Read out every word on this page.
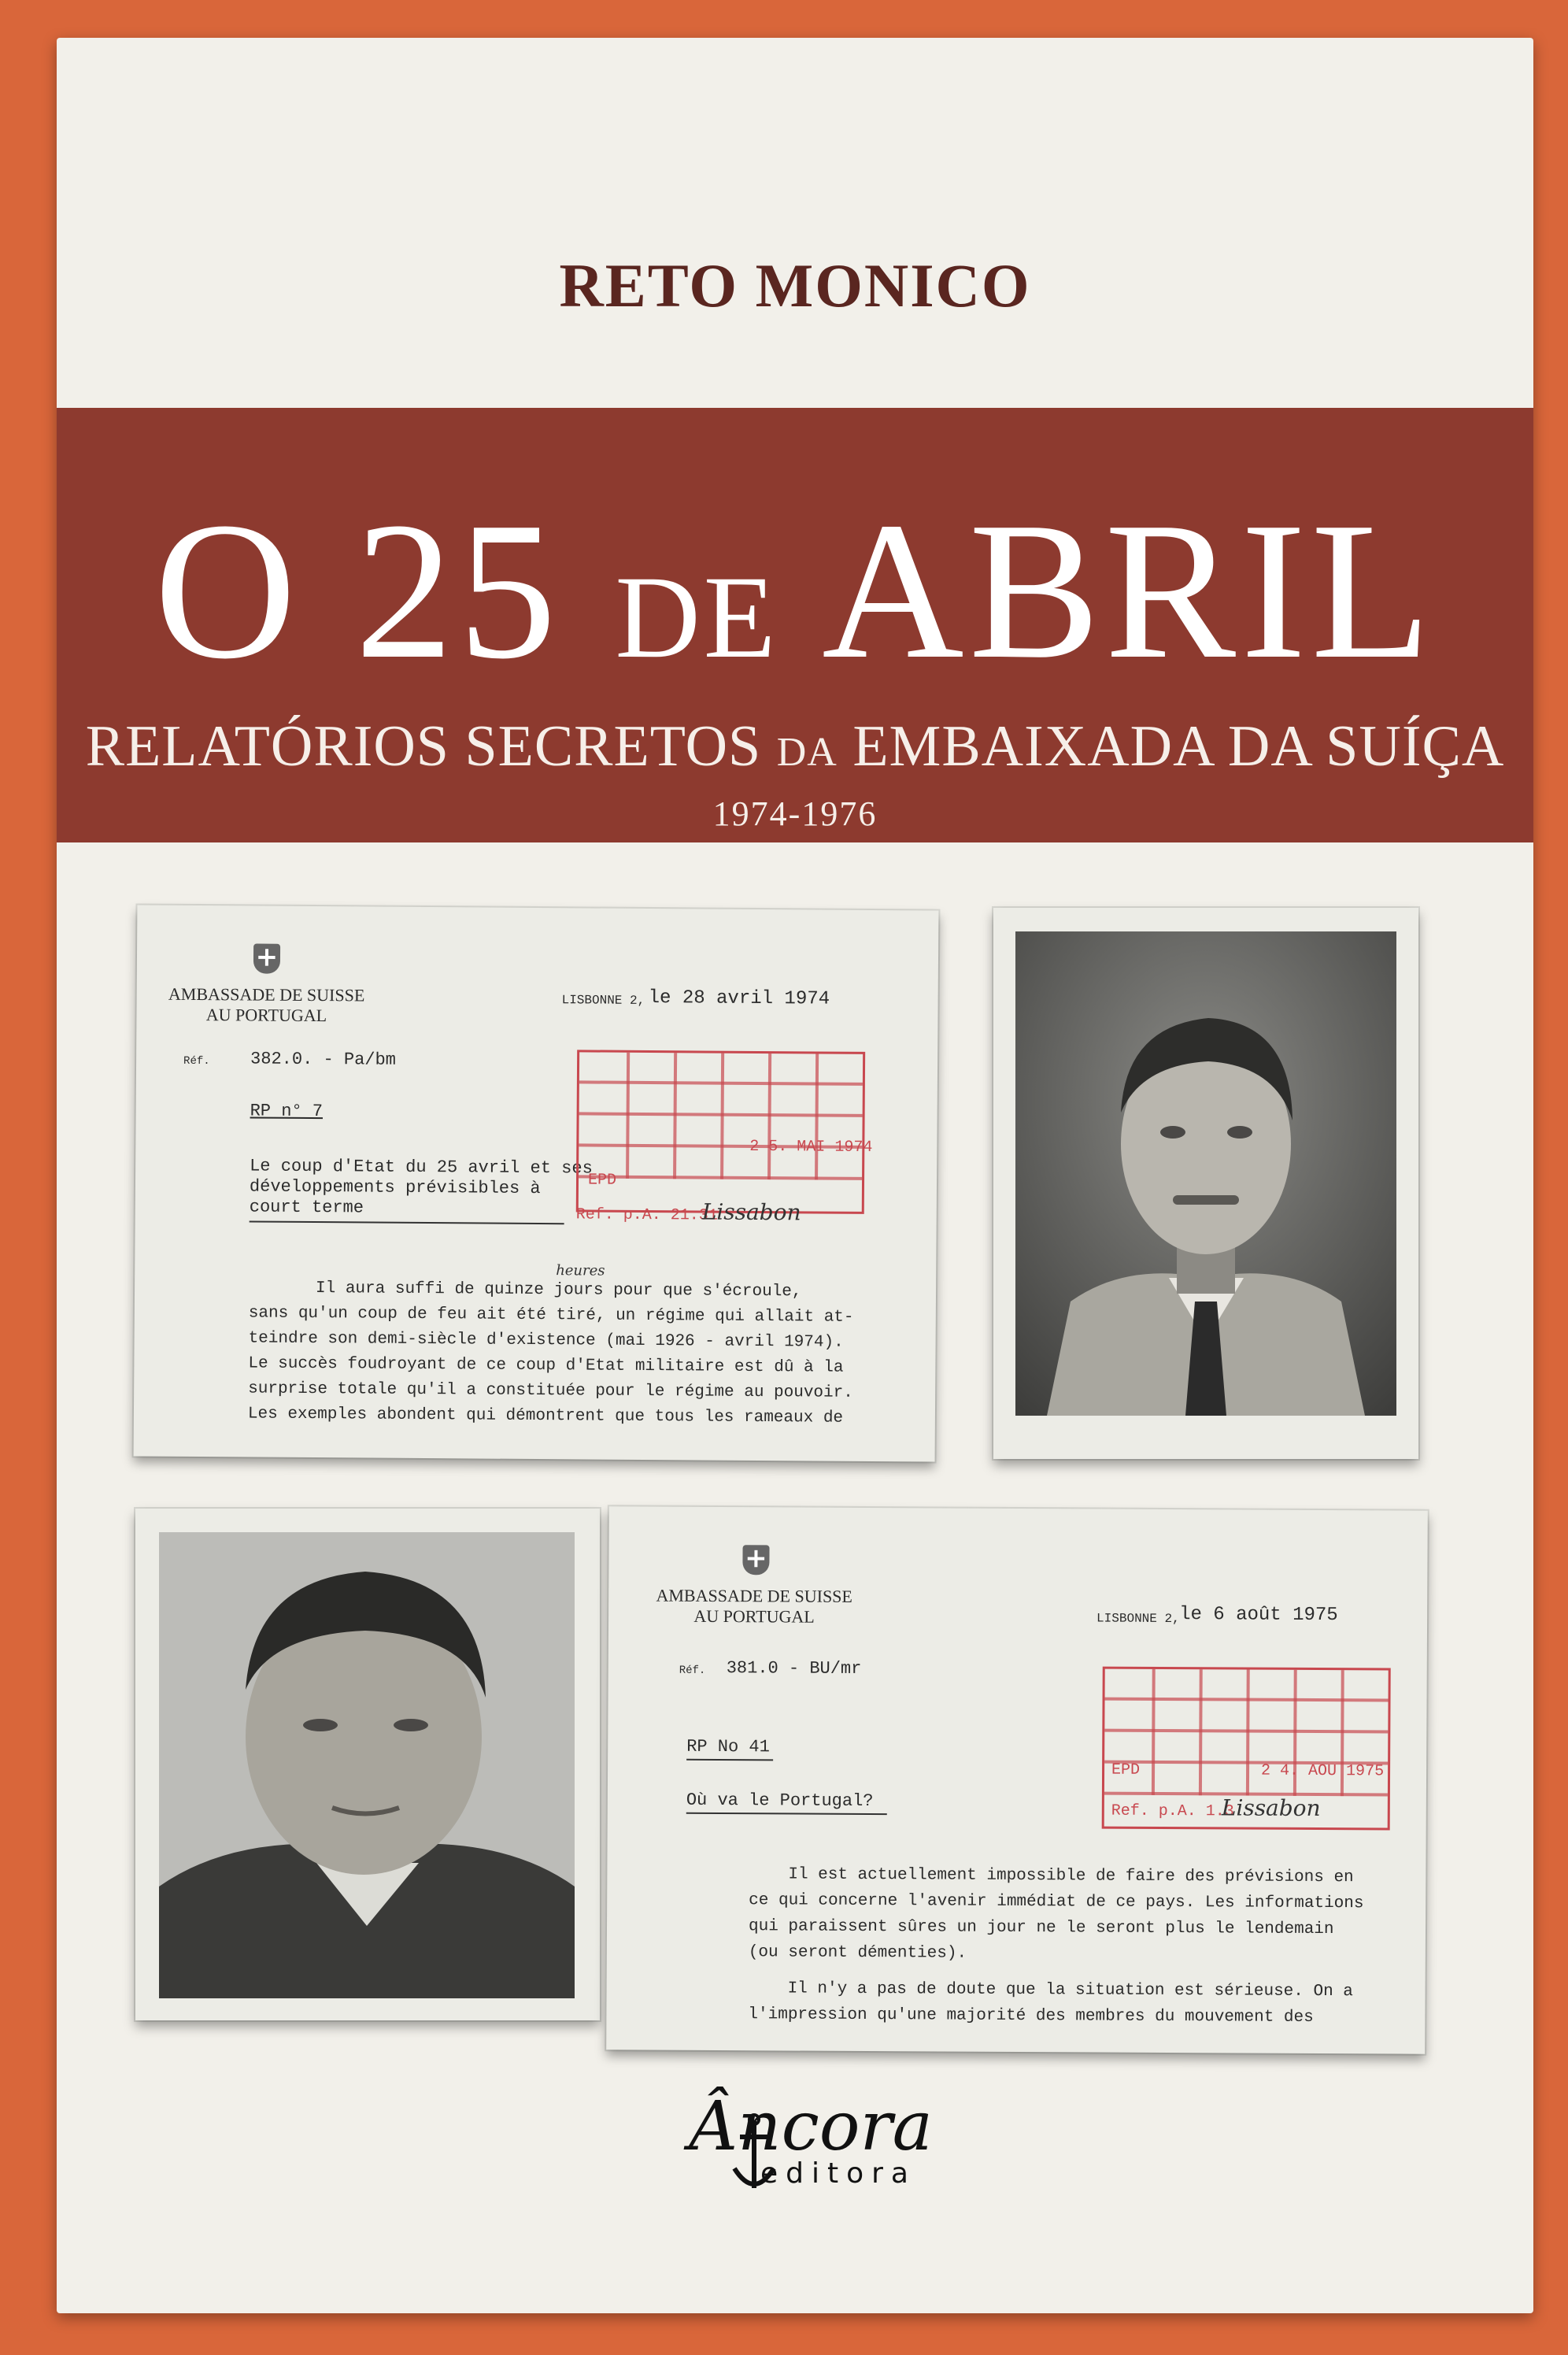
RETO MONICO
O 25 DE ABRIL
RELATÓRIOS SECRETOS DA EMBAIXADA DA SUÍÇA
1974-1976
+
AMBASSADE DE SUISSE
AU PORTUGAL
LISBONNE 2, le 28 avril 1974
Réf. 382.0. - Pa/bm
RP n° 7
Le coup d'Etat du 25 avril et ses
développements prévisibles à
court terme
heures
Il aura suffi de quinze jours pour que s'écroule,
sans qu'un coup de feu ait été tiré, un régime qui allait at-
teindre son demi-siècle d'existence (mai 1926 - avril 1974).
Le succès foudroyant de ce coup d'Etat militaire est dû à la
surprise totale qu'il a constituée pour le régime au pouvoir.
Les exemples abondent qui démontrent que tous les rameaux de
2 5. MAI 1974
EPD
Ref. p.A. 21.31
Lissabon
+
AMBASSADE DE SUISSE
AU PORTUGAL	LISBONNE 2, le 6 août 1975
Réf. 381.0 - BU/mr
RP No 41
Où va le Portugal?
Il est actuellement impossible de faire des prévisions en
ce qui concerne l'avenir immédiat de ce pays. Les informations
qui paraissent sûres un jour ne le seront plus le lendemain
(ou seront démenties).
Il n'y a pas de doute que la situation est sérieuse. On a
l'impression qu'une majorité des membres du mouvement des
2 4. AOU 1975
EPD
Ref. p.A. 1.3
Lissabon
Âncora
editora
